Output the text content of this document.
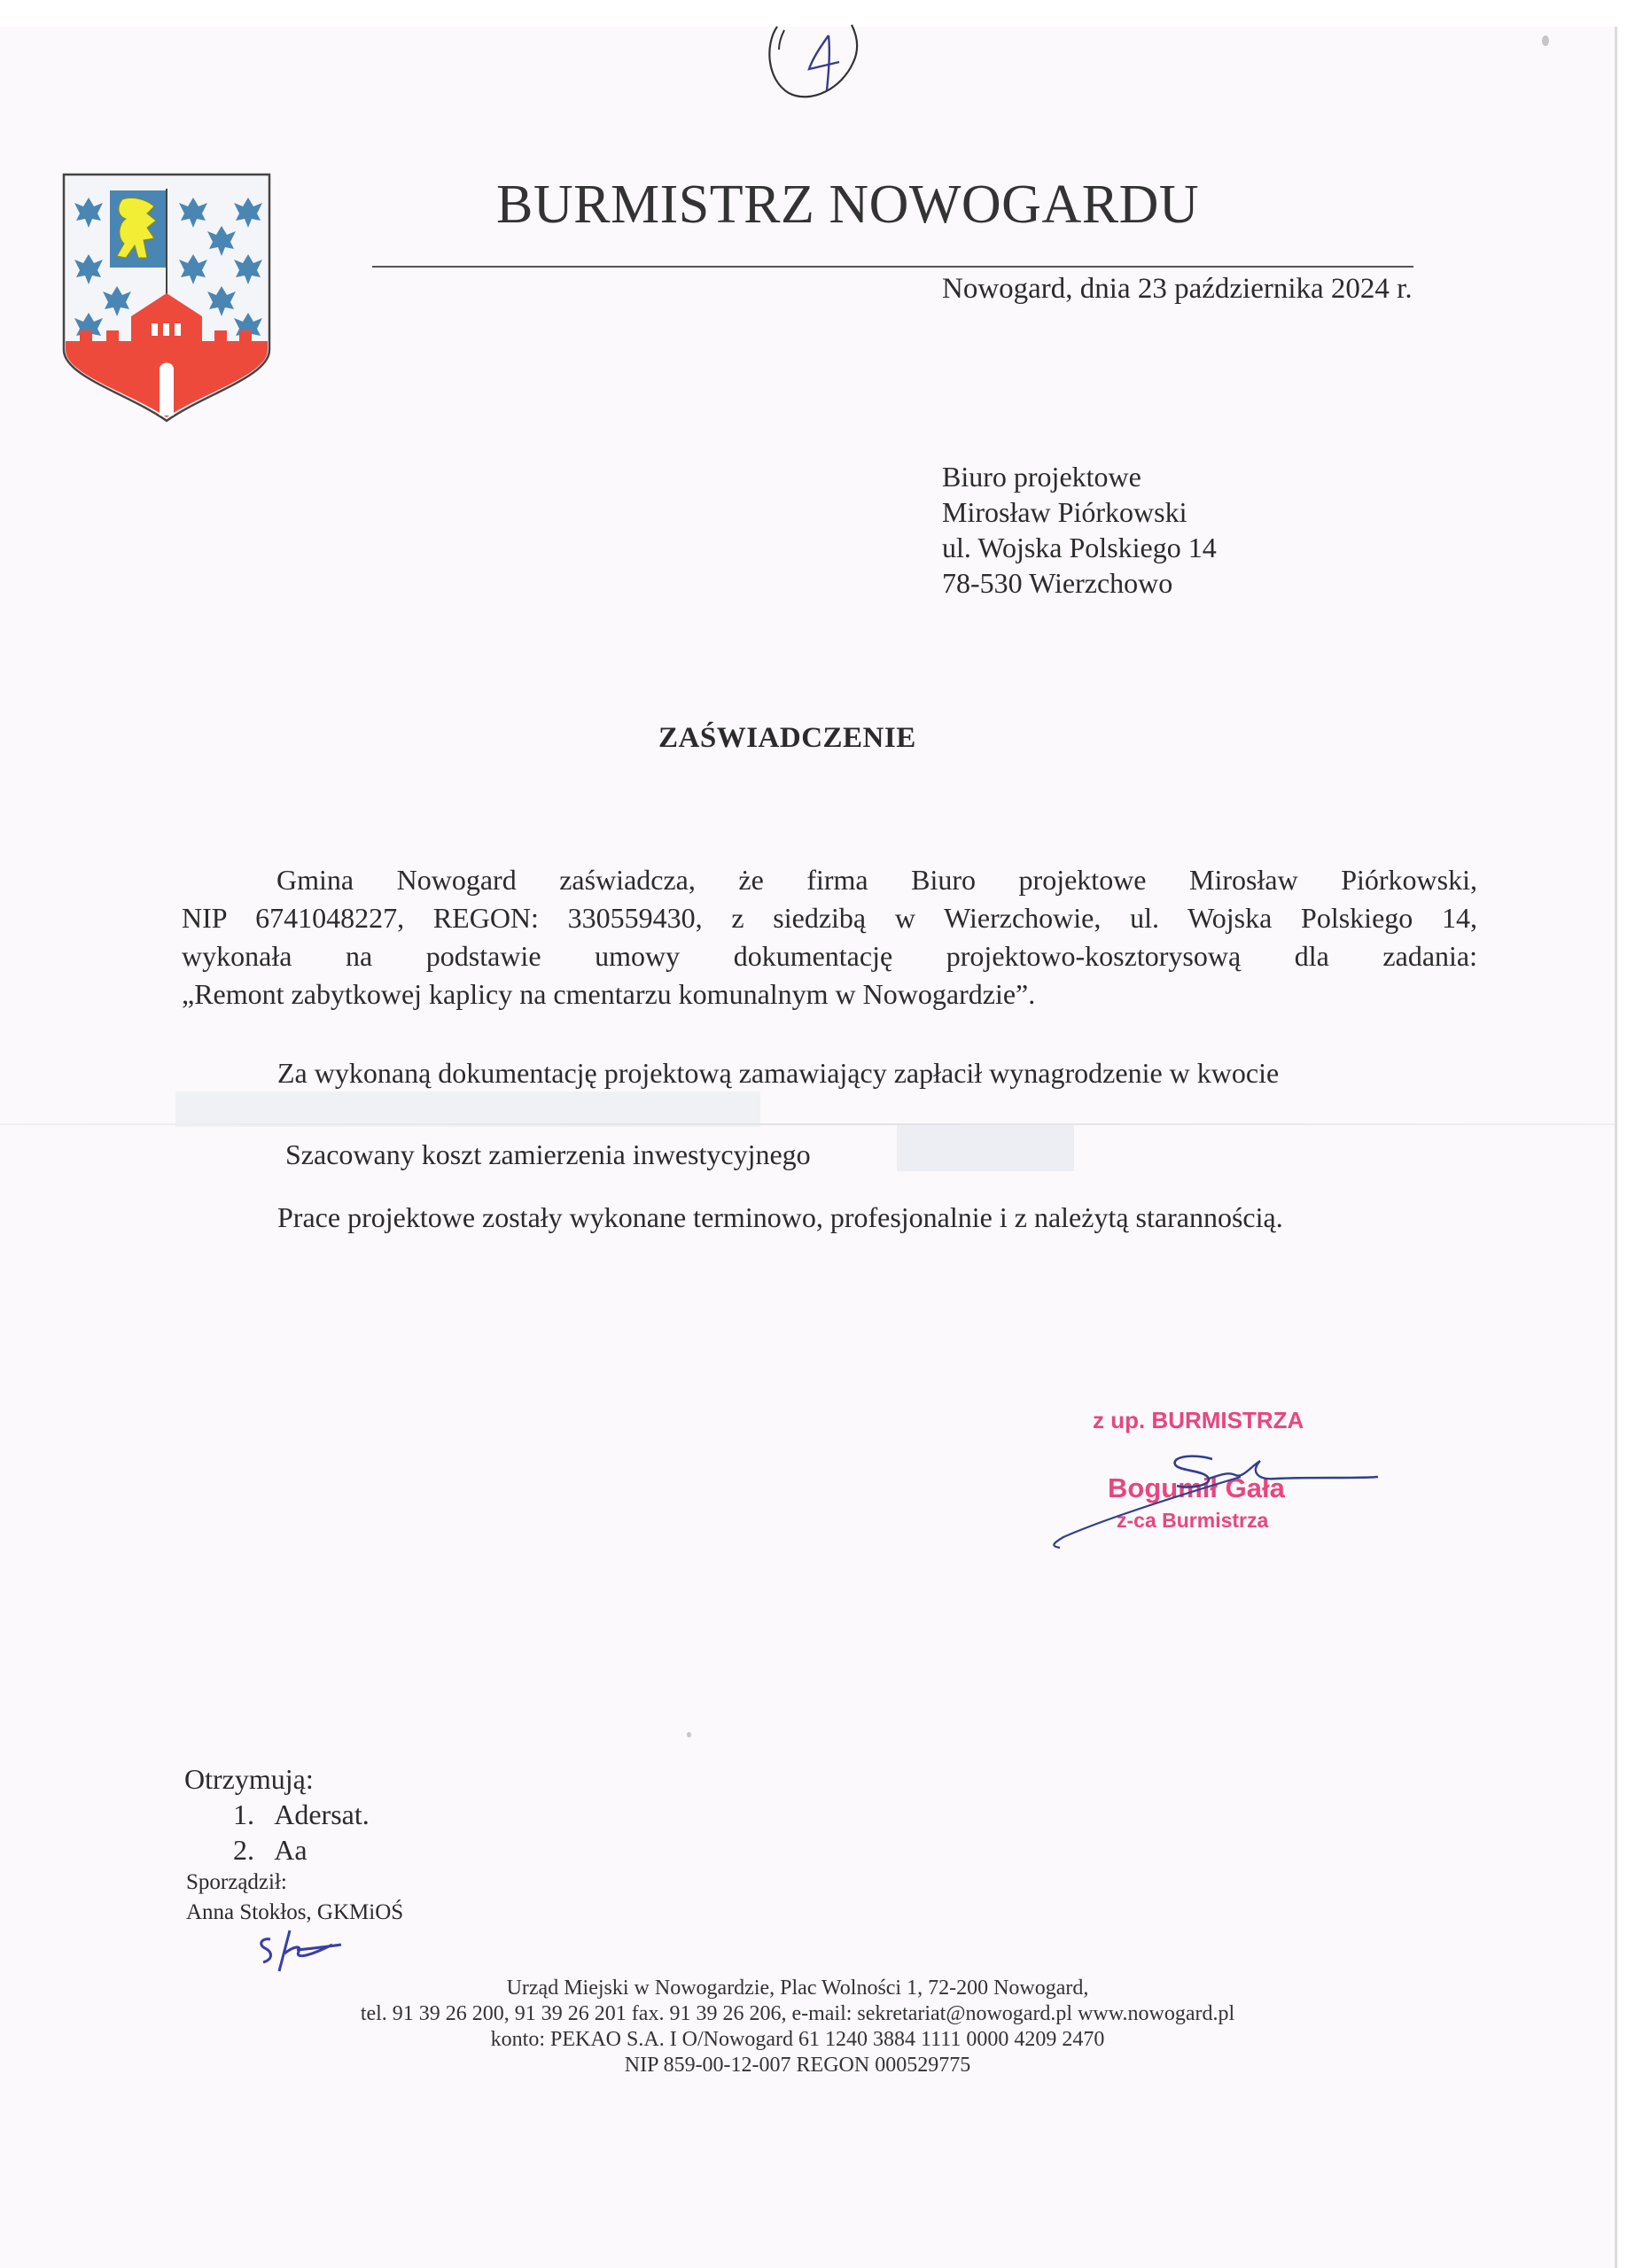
BURMISTRZ NOWOGARDU
Nowogard, dnia 23 października 2024 r.
Biuro projektowe
Mirosław Piórkowski
ul. Wojska Polskiego 14
78-530 Wierzchowo
ZAŚWIADCZENIE
Gmina Nowogard zaświadcza, że firma Biuro projektowe Mirosław Piórkowski,
NIP 6741048227, REGON: 330559430, z siedzibą w Wierzchowie, ul. Wojska Polskiego 14,
wykonała na podstawie umowy dokumentację projektowo-kosztorysową dla zadania:
„Remont zabytkowej kaplicy na cmentarzu komunalnym w Nowogardzie”.
Za wykonaną dokumentację projektową zamawiający zapłacił wynagrodzenie w kwocie
Szacowany koszt zamierzenia inwestycyjnego
Prace projektowe zostały wykonane terminowo, profesjonalnie i z należytą starannością.
z up. BURMISTRZA
Bogumił Gała
z-ca Burmistrza
Otrzymują:
1. Adersat.
2. Aa
Sporządził:
Anna Stokłos, GKMiOŚ
Urząd Miejski w Nowogardzie, Plac Wolności 1, 72-200 Nowogard,
tel. 91 39 26 200, 91 39 26 201 fax. 91 39 26 206, e-mail: sekretariat@nowogard.pl www.nowogard.pl
konto: PEKAO S.A. I O/Nowogard 61 1240 3884 1111 0000 4209 2470
NIP 859-00-12-007 REGON 000529775
